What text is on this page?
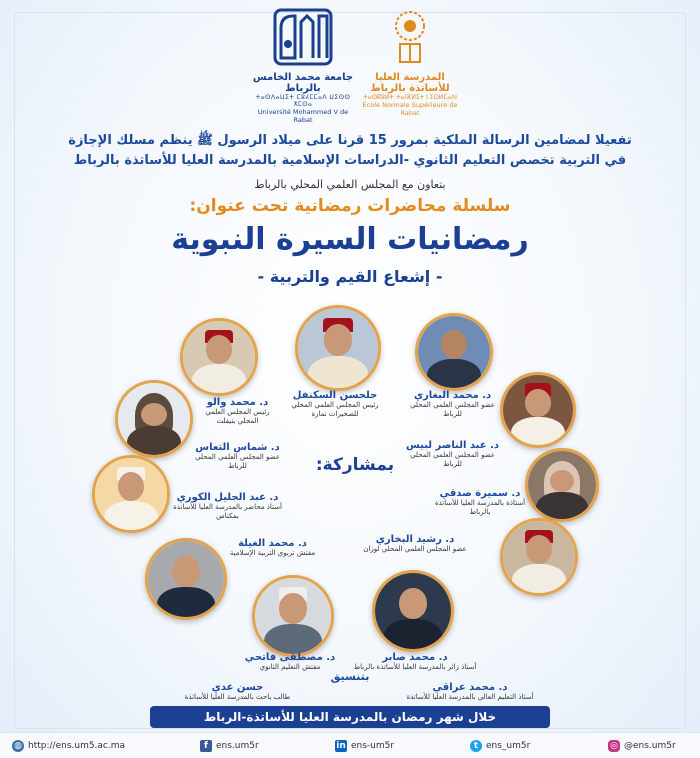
جامعة محمد الخامس بالرباط
ⵜⴰⵙⴷⴰⵡⵉⵜ ⵎⵓⵃⵎⵎⴰⴷ ⵡⵉⵙⵙ ⵅⵎⵙⴰ
Université Mohammed V de Rabat
المدرسة العليا للأساتذة بالرباط
ⵜⴰⵙⴽⵓⵍⵜ ⵜⴰⵏⴼⵍⵉⵜ ⵏ ⵉⵙⵍⵎⴰⴷⵏ
École Normale Supérieure de Rabat
تفعيلا لمضامين الرسالة الملكية بمرور 15 قرنا على ميلاد الرسول ﷺ ينظم مسلك الإجازة
في التربية تخصص التعليم الثانوي -الدراسات الإسلامية بالمدرسة العليا للأساتذة بالرباط
بتعاون مع المجلس العلمي المحلي بالرباط
سلسلة محاضرات رمضانية تحت عنوان:
رمضانيات السيرة النبوية
- إشعاع القيم والتربية -
حلحسن السكنفل
رئيس المجلس العلمي المحلي للصخيرات تمارة
د. محمد البغاري
عضو المجلس العلمي المحلي للرباط
د. محمد والو
رئيس المجلس العلمي المحلي بتيفلت
د. عبد الناصر لبيس
عضو المجلس العلمي المحلي للرباط
د. شماس التعاس
عضو المجلس العلمي المحلي للرباط
د. سميرة صدقي
أستاذة بالمدرسة العليا للأساتذة بالرباط
د. عبد الجليل الكوري
أستاذ محاضر بالمدرسة العليا للأساتذة بمكناس
د. رشيد البخاري
عضو المجلس العلمي المحلي لوزان
د. محمد الغيلة
مفتش تربوي التربية الإسلامية
د. مصطفى فاتحي
مفتش التعليم الثانوي
د. محمد صابر
أستاذ زائر بالمدرسة العليا للأساتذة بالرباط
بمشاركة:
بتنسيق
حسن عدي
طالب باحث بالمدرسة العليا للأساتذة
د. محمد عراقي
أستاذ التعليم العالي بالمدرسة العليا للأساتذة
خلال شهر رمضان بالمدرسة العليا للأساتذة-الرباط
◍ http://ens.um5.ac.ma	f ens.um5r	in ens-um5r	t ens_um5r	◎ @ens.um5r
